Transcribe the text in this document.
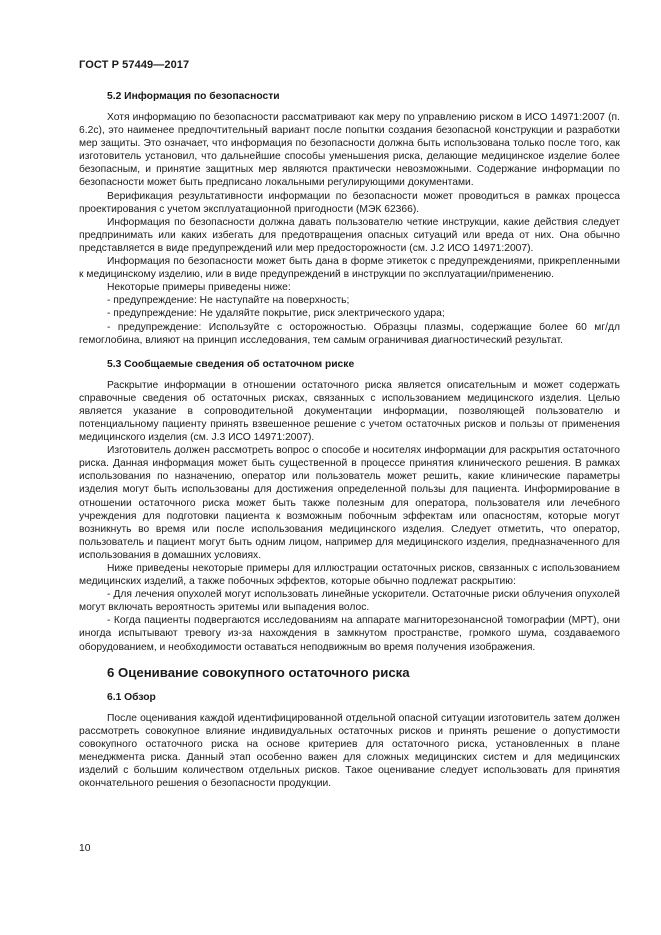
ГОСТ Р 57449—2017
5.2 Информация по безопасности

Хотя информацию по безопасности рассматривают как меру по управлению риском в ИСО 14971:2007 (п. 6.2с), это наименее предпочтительный вариант после попытки создания безопасной конструкции и разработки мер защиты. Это означает, что информация по безопасности должна быть использована только после того, как изготовитель установил, что дальнейшие способы уменьшения риска, делающие медицинское изделие более безопасным, и принятие защитных мер являются практически невозможными. Содержание информации по безопасности может быть предписано локальными регулирующими документами.

Верификация результативности информации по безопасности может проводиться в рамках процесса проектирования с учетом эксплуатационной пригодности (МЭК 62366).

Информация по безопасности должна давать пользователю четкие инструкции, какие действия следует предпринимать или каких избегать для предотвращения опасных ситуаций или вреда от них. Она обычно представляется в виде предупреждений или мер предосторожности (см. J.2 ИСО 14971:2007).

Информация по безопасности может быть дана в форме этикеток с предупреждениями, прикрепленными к медицинскому изделию, или в виде предупреждений в инструкции по эксплуатации/применению.

Некоторые примеры приведены ниже:

- предупреждение: Не наступайте на поверхность;

- предупреждение: Не удаляйте покрытие, риск электрического удара;

- предупреждение: Используйте с осторожностью. Образцы плазмы, содержащие более 60 мг/дл гемоглобина, влияют на принцип исследования, тем самым ограничивая диагностический результат.

5.3 Сообщаемые сведения об остаточном риске

Раскрытие информации в отношении остаточного риска является описательным и может содержать справочные сведения об остаточных рисках, связанных с использованием медицинского изделия. Целью является указание в сопроводительной документации информации, позволяющей пользователю и потенциальному пациенту принять взвешенное решение с учетом остаточных рисков и пользы от применения медицинского изделия (см. J.3 ИСО 14971:2007).

Изготовитель должен рассмотреть вопрос о способе и носителях информации для раскрытия остаточного риска. Данная информация может быть существенной в процессе принятия клинического решения. В рамках использования по назначению, оператор или пользователь может решить, какие клинические параметры изделия могут быть использованы для достижения определенной пользы для пациента. Информирование в отношении остаточного риска может быть также полезным для оператора, пользователя или лечебного учреждения для подготовки пациента к возможным побочным эффектам или опасностям, которые могут возникнуть во время или после использования медицинского изделия. Следует отметить, что оператор, пользователь и пациент могут быть одним лицом, например для медицинского изделия, предназначенного для использования в домашних условиях.

Ниже приведены некоторые примеры для иллюстрации остаточных рисков, связанных с использованием медицинских изделий, а также побочных эффектов, которые обычно подлежат раскрытию:

- Для лечения опухолей могут использовать линейные ускорители. Остаточные риски облучения опухолей могут включать вероятность эритемы или выпадения волос.

- Когда пациенты подвергаются исследованиям на аппарате магниторезонансной томографии (МРТ), они иногда испытывают тревогу из-за нахождения в замкнутом пространстве, громкого шума, создаваемого оборудованием, и необходимости оставаться неподвижным во время получения изображения.

6 Оценивание совокупного остаточного риска
6.1 Обзор

После оценивания каждой идентифицированной отдельной опасной ситуации изготовитель затем должен рассмотреть совокупное влияние индивидуальных остаточных рисков и принять решение о допустимости совокупного остаточного риска на основе критериев для остаточного риска, установленных в плане менеджмента риска. Данный этап особенно важен для сложных медицинских систем и для медицинских изделий с большим количеством отдельных рисков. Такое оценивание следует использовать для принятия окончательного решения о безопасности продукции.

10
